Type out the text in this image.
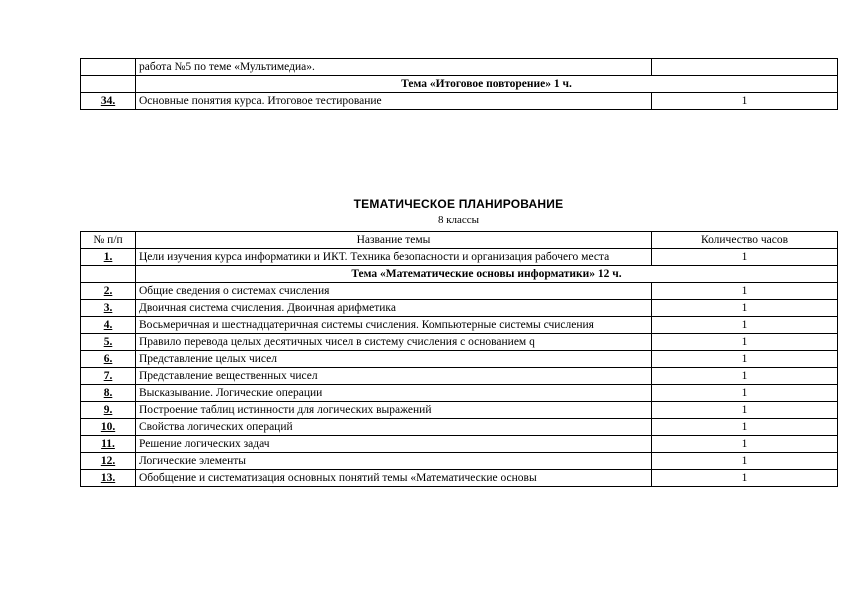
	работа №5 по теме «Мультимедиа».	
	Тема «Итоговое повторение» 1 ч.	
34.	Основные понятия курса. Итоговое тестирование	1
ТЕМАТИЧЕСКОЕ ПЛАНИРОВАНИЕ
8 классы
№ п/п	Название темы	Количество часов
1.	Цели изучения курса информатики и ИКТ. Техника безопасности и организация рабочего места	1
	Тема «Математические основы информатики» 12 ч.	
2.	Общие сведения о системах счисления	1
3.	Двоичная система счисления. Двоичная арифметика	1
4.	Восьмеричная и шестнадцатеричная системы счисления. Компьютерные системы счисления	1
5.	Правило перевода целых десятичных чисел в систему счисления с основанием q	1
6.	Представление целых чисел	1
7.	Представление вещественных чисел	1
8.	Высказывание. Логические операции	1
9.	Построение таблиц истинности для логических выражений	1
10.	Свойства логических операций	1
11.	Решение логических задач	1
12.	Логические элементы	1
13.	Обобщение и систематизация основных понятий темы «Математические основы	1
